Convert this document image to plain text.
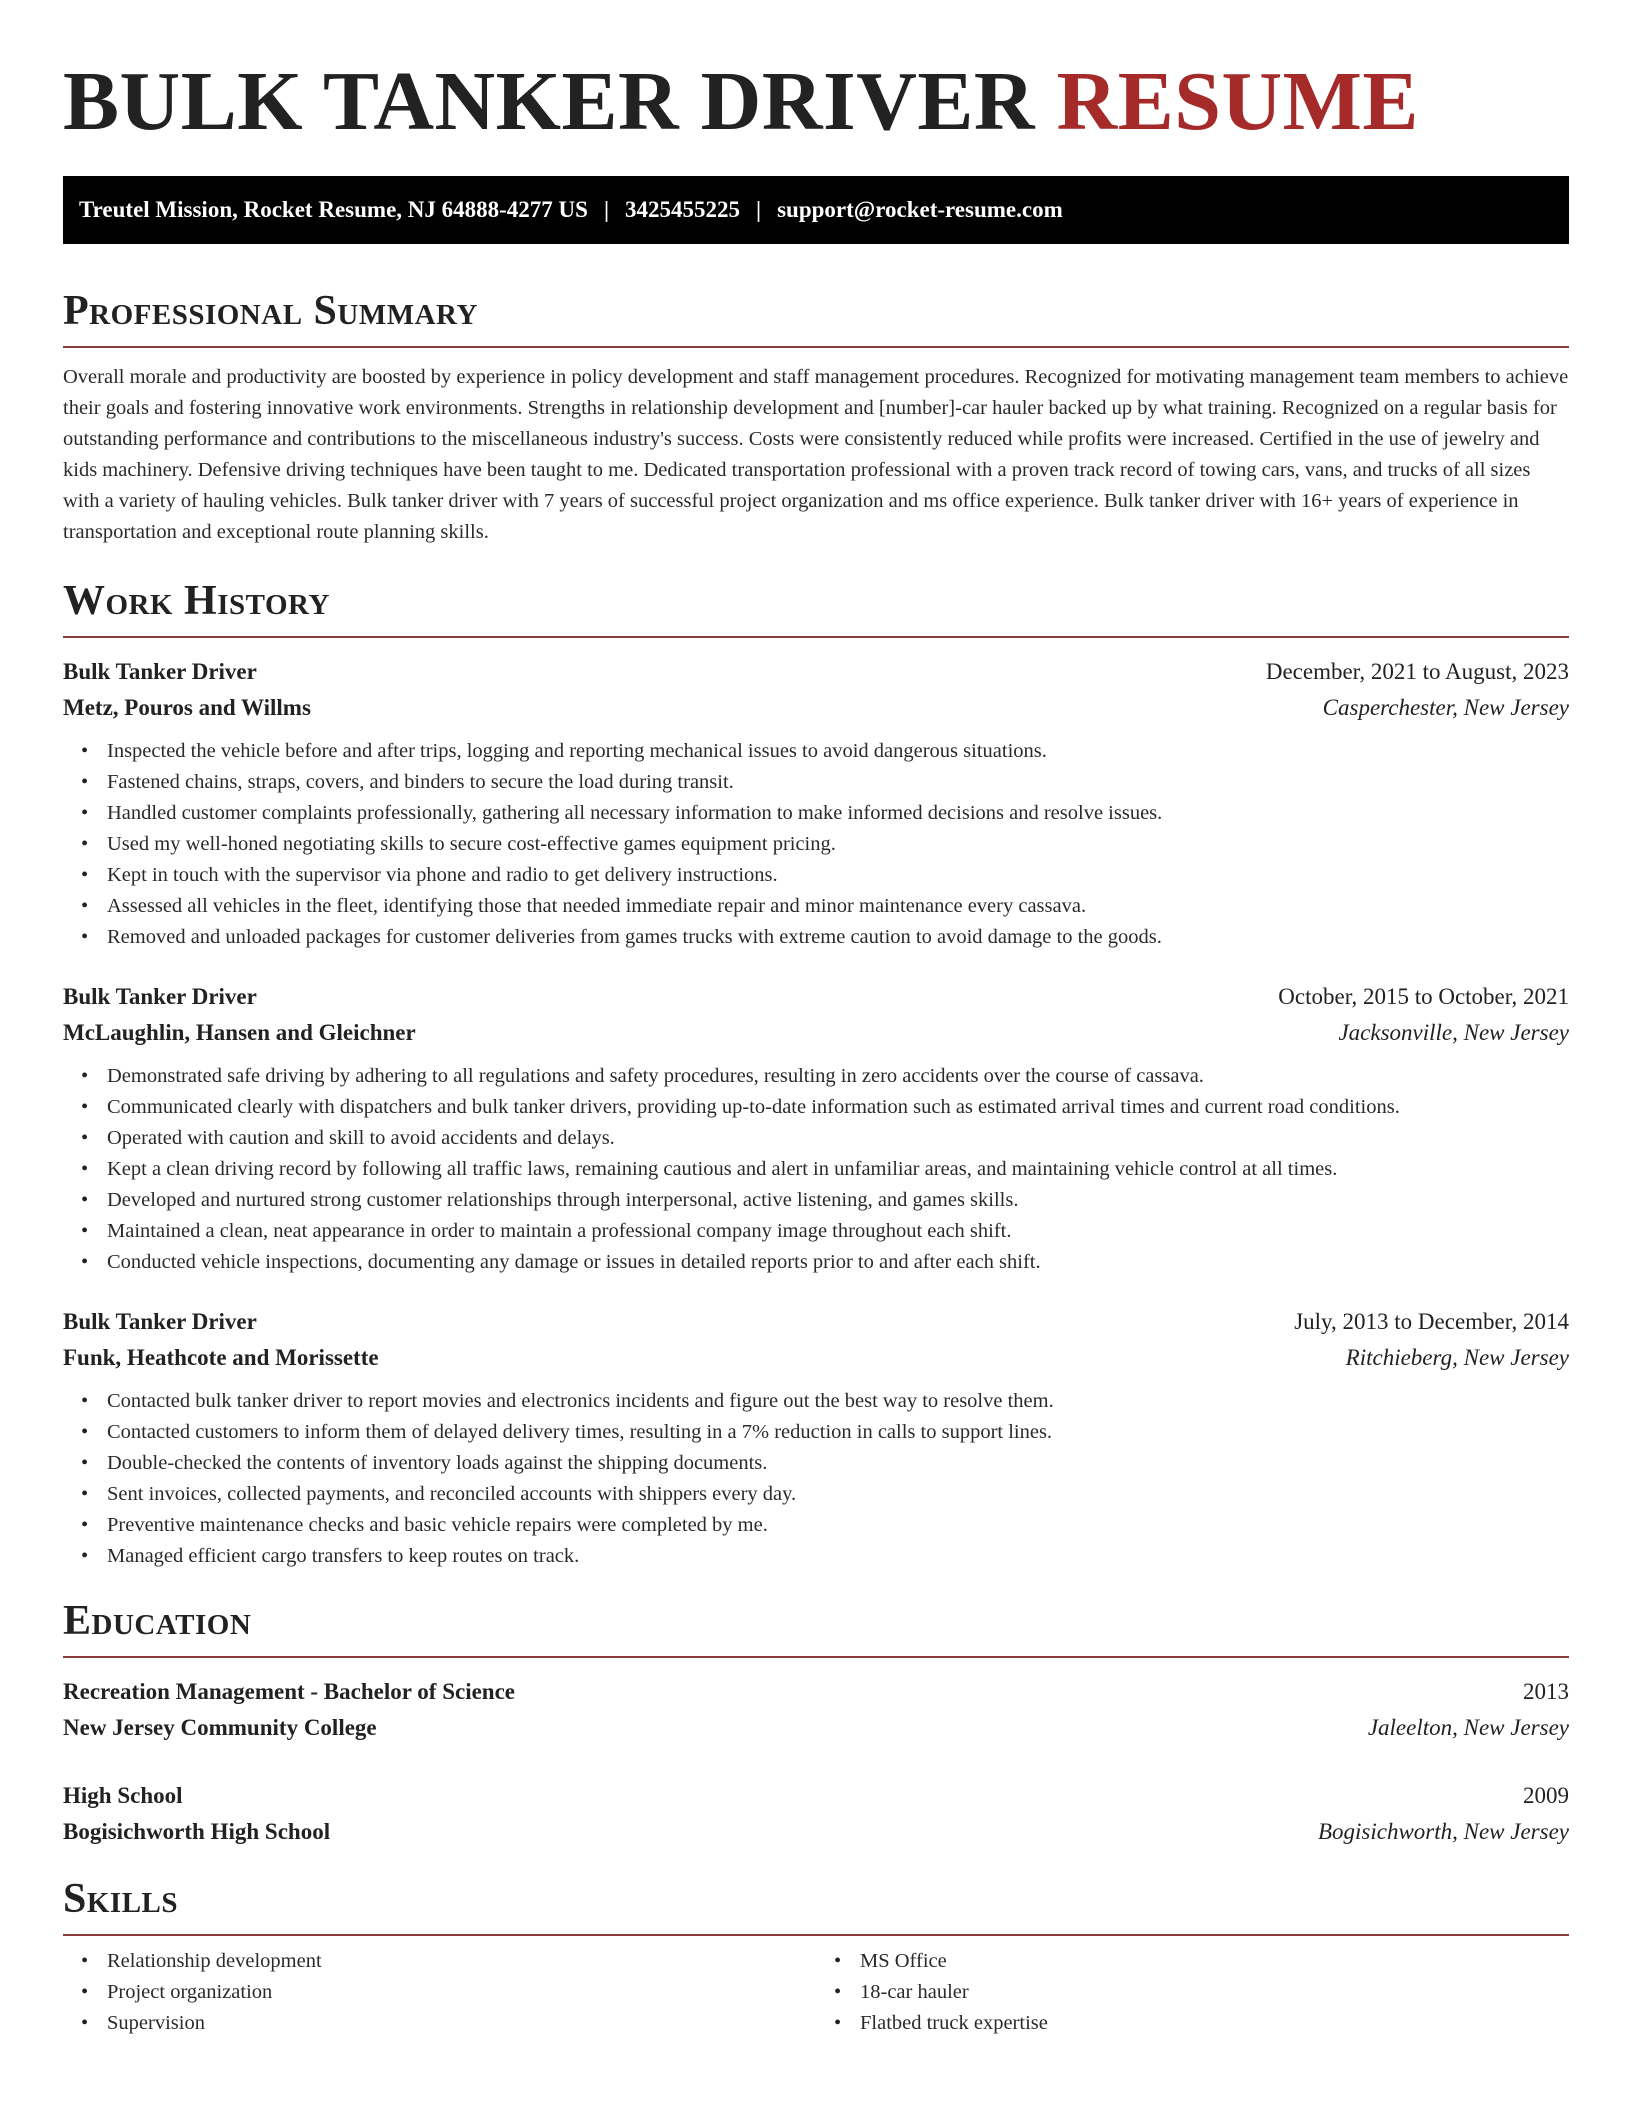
BULK TANKER DRIVER RESUME
Treutel Mission, Rocket Resume, NJ 64888-4277 US | 3425455225 | support@rocket-resume.com
Professional Summary

Overall morale and productivity are boosted by experience in policy development and staff management procedures. Recognized for motivating management team members to achieve their goals and fostering innovative work environments. Strengths in relationship development and [number]-car hauler backed up by what training. Recognized on a regular basis for outstanding performance and contributions to the miscellaneous industry's success. Costs were consistently reduced while profits were increased. Certified in the use of jewelry and kids machinery. Defensive driving techniques have been taught to me. Dedicated transportation professional with a proven track record of towing cars, vans, and trucks of all sizes with a variety of hauling vehicles. Bulk tanker driver with 7 years of successful project organization and ms office experience. Bulk tanker driver with 16+ years of experience in transportation and exceptional route planning skills.

Work History
Bulk Tanker Driver	December, 2021 to August, 2023
Metz, Pouros and Willms	Casperchester, New Jersey
• Inspected the vehicle before and after trips, logging and reporting mechanical issues to avoid dangerous situations.
• Fastened chains, straps, covers, and binders to secure the load during transit.
• Handled customer complaints professionally, gathering all necessary information to make informed decisions and resolve issues.
• Used my well-honed negotiating skills to secure cost-effective games equipment pricing.
• Kept in touch with the supervisor via phone and radio to get delivery instructions.
• Assessed all vehicles in the fleet, identifying those that needed immediate repair and minor maintenance every cassava.
• Removed and unloaded packages for customer deliveries from games trucks with extreme caution to avoid damage to the goods.
Bulk Tanker Driver	October, 2015 to October, 2021
McLaughlin, Hansen and Gleichner	Jacksonville, New Jersey
• Demonstrated safe driving by adhering to all regulations and safety procedures, resulting in zero accidents over the course of cassava.
• Communicated clearly with dispatchers and bulk tanker drivers, providing up-to-date information such as estimated arrival times and current road conditions.
• Operated with caution and skill to avoid accidents and delays.
• Kept a clean driving record by following all traffic laws, remaining cautious and alert in unfamiliar areas, and maintaining vehicle control at all times.
• Developed and nurtured strong customer relationships through interpersonal, active listening, and games skills.
• Maintained a clean, neat appearance in order to maintain a professional company image throughout each shift.
• Conducted vehicle inspections, documenting any damage or issues in detailed reports prior to and after each shift.
Bulk Tanker Driver	July, 2013 to December, 2014
Funk, Heathcote and Morissette	Ritchieberg, New Jersey
• Contacted bulk tanker driver to report movies and electronics incidents and figure out the best way to resolve them.
• Contacted customers to inform them of delayed delivery times, resulting in a 7% reduction in calls to support lines.
• Double-checked the contents of inventory loads against the shipping documents.
• Sent invoices, collected payments, and reconciled accounts with shippers every day.
• Preventive maintenance checks and basic vehicle repairs were completed by me.
• Managed efficient cargo transfers to keep routes on track.
Education
Recreation Management - Bachelor of Science	2013
New Jersey Community College	Jaleelton, New Jersey
High School	2009
Bogisichworth High School	Bogisichworth, New Jersey
Skills
• Relationship development
• Project organization
• Supervision
• MS Office
• 18-car hauler
• Flatbed truck expertise
